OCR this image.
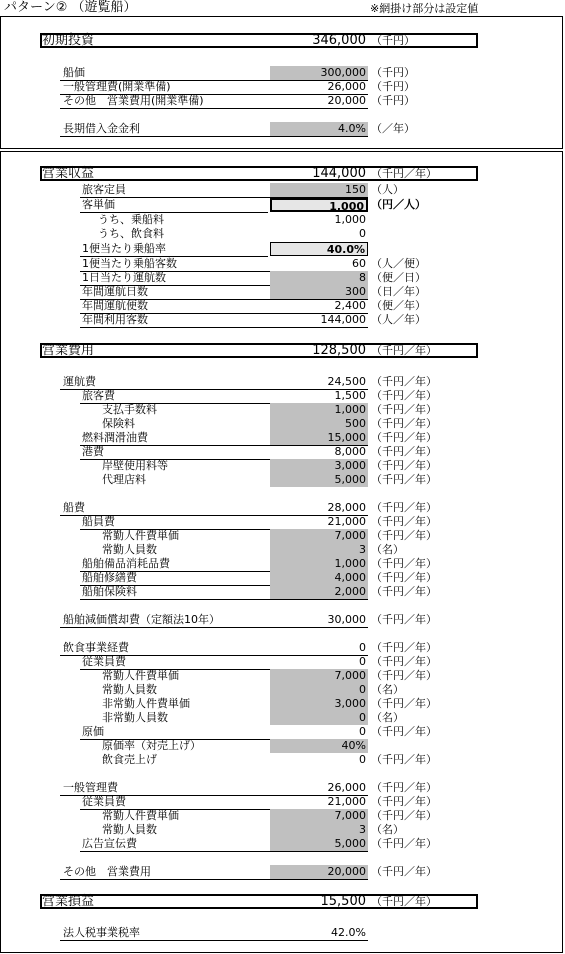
パターン② （遊覧船）	※網掛け部分は設定値
初期投資	346,000 （千円）
船価	300,000 （千円）
一般管理費(開業準備)	26,000 （千円）
その他　営業費用(開業準備)	20,000 （千円）
長期借入金金利	4.0% （／年）
営業収益	144,000 （千円／年）
旅客定員	150 （人）
客単価	1,000 （円／人）
うち、乗船料	1,000
うち、飲食料	0
1便当たり乗船率	40.0%
1便当たり乗船客数	60 （人／便）
1日当たり運航数	8 （便／日）
年間運航日数	300 （日／年）
年間運航便数	2,400 （便／年）
年間利用客数	144,000 （人／年）
営業費用	128,500 （千円／年）
運航費	24,500 （千円／年）
旅客費	1,500 （千円／年）
支払手数料	1,000 （千円／年）
保険料	500 （千円／年）
燃料潤滑油費	15,000 （千円／年）
港費	8,000 （千円／年）
岸壁使用料等	3,000 （千円／年）
代理店料	5,000 （千円／年）
船費	28,000 （千円／年）
船員費	21,000 （千円／年）
常勤人件費単価	7,000 （千円／年）
常勤人員数	3 （名）
船舶備品消耗品費	1,000 （千円／年）
船舶修繕費	4,000 （千円／年）
船舶保険料	2,000 （千円／年）
船舶減価償却費（定額法10年）	30,000 （千円／年）
飲食事業経費	0 （千円／年）
従業員費	0 （千円／年）
常勤人件費単価	7,000 （千円／年）
常勤人員数	0 （名）
非常勤人件費単価	3,000 （千円／年）
非常勤人員数	0 （名）
原価	0 （千円／年）
原価率（対売上げ）	40%
飲食売上げ	0 （千円／年）
一般管理費	26,000 （千円／年）
従業員費	21,000 （千円／年）
常勤人件費単価	7,000 （千円／年）
常勤人員数	3 （名）
広告宣伝費	5,000 （千円／年）
その他　営業費用	20,000 （千円／年）
営業損益	15,500 （千円／年）
法人税事業税率	42.0%
